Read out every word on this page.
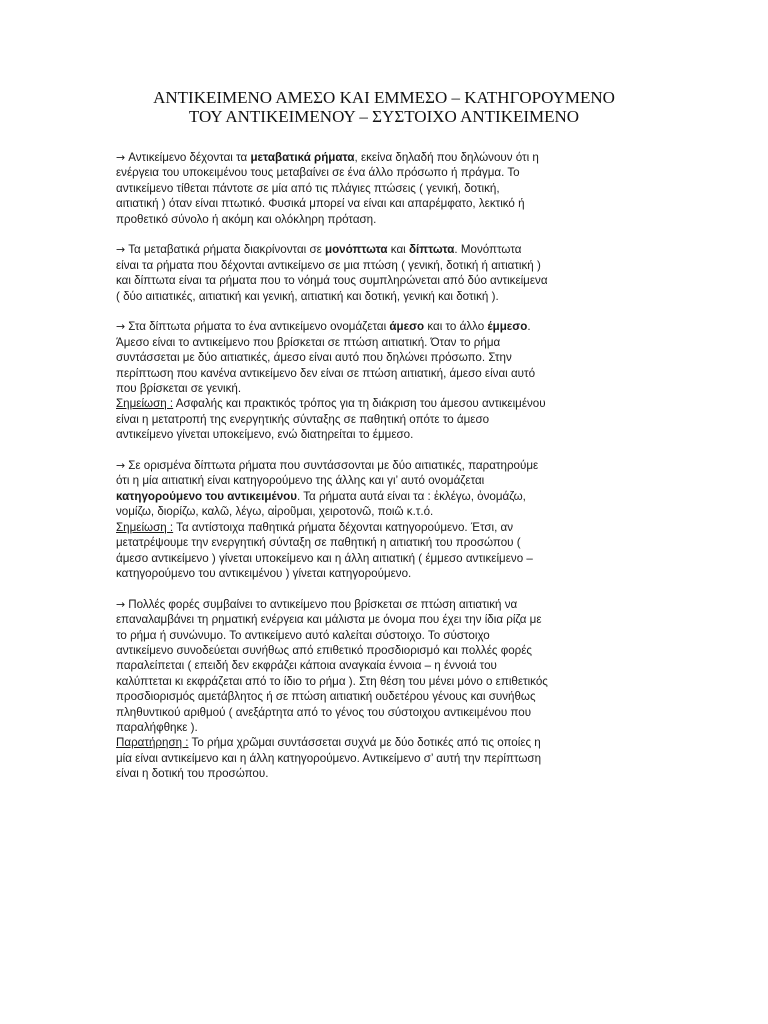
ΑΝΤΙΚΕΙΜΕΝΟ ΑΜΕΣΟ ΚΑΙ ΕΜΜΕΣΟ – ΚΑΤΗΓΟΡΟΥΜΕΝΟ
ΤΟΥ ΑΝΤΙΚΕΙΜΕΝΟΥ – ΣΥΣΤΟΙΧΟ ΑΝΤΙΚΕΙΜΕΝΟ
→ Αντικείμενο δέχονται τα μεταβατικά ρήματα, εκείνα δηλαδή που δηλώνουν ότι η
ενέργεια του υποκειμένου τους μεταβαίνει σε ένα άλλο πρόσωπο ή πράγμα. Το
αντικείμενο τίθεται πάντοτε σε μία από τις πλάγιες πτώσεις ( γενική, δοτική,
αιτιατική ) όταν είναι πτωτικό. Φυσικά μπορεί να είναι και απαρέμφατο, λεκτικό ή
προθετικό σύνολο ή ακόμη και ολόκληρη πρόταση.
→ Τα μεταβατικά ρήματα διακρίνονται σε μονόπτωτα και δίπτωτα. Μονόπτωτα
είναι τα ρήματα που δέχονται αντικείμενο σε μια πτώση ( γενική, δοτική ή αιτιατική )
και δίπτωτα είναι τα ρήματα που το νόημά τους συμπληρώνεται από δύο αντικείμενα
( δύο αιτιατικές, αιτιατική και γενική, αιτιατική και δοτική, γενική και δοτική ).
→ Στα δίπτωτα ρήματα το ένα αντικείμενο ονομάζεται άμεσο και το άλλο έμμεσο.
Άμεσο είναι το αντικείμενο που βρίσκεται σε πτώση αιτιατική. Όταν το ρήμα
συντάσσεται με δύο αιτιατικές, άμεσο είναι αυτό που δηλώνει πρόσωπο. Στην
περίπτωση που κανένα αντικείμενο δεν είναι σε πτώση αιτιατική, άμεσο είναι αυτό
που βρίσκεται σε γενική.
Σημείωση : Ασφαλής και πρακτικός τρόπος για τη διάκριση του άμεσου αντικειμένου
είναι η μετατροπή της ενεργητικής σύνταξης σε παθητική οπότε το άμεσο
αντικείμενο γίνεται υποκείμενο, ενώ διατηρείται το έμμεσο.
→ Σε ορισμένα δίπτωτα ρήματα που συντάσσονται με δύο αιτιατικές, παρατηρούμε
ότι η μία αιτιατική είναι κατηγορούμενο της άλλης και γι’ αυτό ονομάζεται
κατηγορούμενο του αντικειμένου. Τα ρήματα αυτά είναι τα : ἐκλέγω, ὀνομάζω,
νομίζω, διορίζω, καλῶ, λέγω, αἱροῦμαι, χειροτονῶ, ποιῶ κ.τ.ό.
Σημείωση : Τα αντίστοιχα παθητικά ρήματα δέχονται κατηγορούμενο. Έτσι, αν
μετατρέψουμε την ενεργητική σύνταξη σε παθητική η αιτιατική του προσώπου (
άμεσο αντικείμενο ) γίνεται υποκείμενο και η άλλη αιτιατική ( έμμεσο αντικείμενο –
κατηγορούμενο του αντικειμένου ) γίνεται κατηγορούμενο.
→ Πολλές φορές συμβαίνει το αντικείμενο που βρίσκεται σε πτώση αιτιατική να
επαναλαμβάνει τη ρηματική ενέργεια και μάλιστα με όνομα που έχει την ίδια ρίζα με
το ρήμα ή συνώνυμο. Το αντικείμενο αυτό καλείται σύστοιχο. Το σύστοιχο
αντικείμενο συνοδεύεται συνήθως από επιθετικό προσδιορισμό και πολλές φορές
παραλείπεται ( επειδή δεν εκφράζει κάποια αναγκαία έννοια – η έννοιά του
καλύπτεται κι εκφράζεται από το ίδιο το ρήμα ). Στη θέση του μένει μόνο ο επιθετικός
προσδιορισμός αμετάβλητος ή σε πτώση αιτιατική ουδετέρου γένους και συνήθως
πληθυντικού αριθμού ( ανεξάρτητα από το γένος του σύστοιχου αντικειμένου που
παραλήφθηκε ).
Παρατήρηση : Το ρήμα χρῶμαι συντάσσεται συχνά με δύο δοτικές από τις οποίες η
μία είναι αντικείμενο και η άλλη κατηγορούμενο. Αντικείμενο σ’ αυτή την περίπτωση
είναι η δοτική του προσώπου.
